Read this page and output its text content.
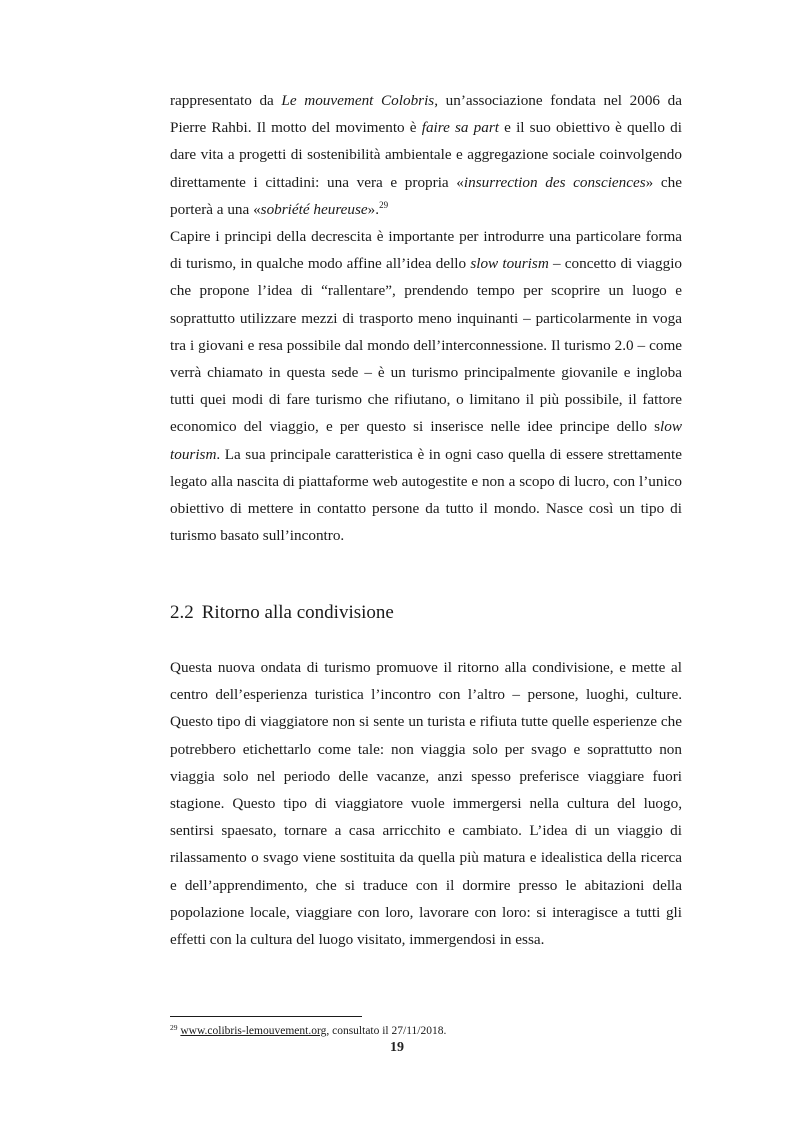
rappresentato da Le mouvement Colobris, un’associazione fondata nel 2006 da Pierre Rahbi. Il motto del movimento è faire sa part e il suo obiettivo è quello di dare vita a progetti di sostenibilità ambientale e aggregazione sociale coinvolgendo direttamente i cittadini: una vera e propria «insurrection des consciences» che porterà a una «sobriété heureuse».$^{29}$

Capire i principi della decrescita è importante per introdurre una particolare forma di turismo, in qualche modo affine all’idea dello slow tourism – concetto di viaggio che propone l’idea di “rallentare”, prendendo tempo per scoprire un luogo e soprattutto utilizzare mezzi di trasporto meno inquinanti – particolarmente in voga tra i giovani e resa possibile dal mondo dell’interconnessione. Il turismo 2.0 – come verrà chiamato in questa sede – è un turismo principalmente giovanile e ingloba tutti quei modi di fare turismo che rifiutano, o limitano il più possibile, il fattore economico del viaggio, e per questo si inserisce nelle idee principe dello slow tourism. La sua principale caratteristica è in ogni caso quella di essere strettamente legato alla nascita di piattaforme web autogestite e non a scopo di lucro, con l’unico obiettivo di mettere in contatto persone da tutto il mondo. Nasce così un tipo di turismo basato sull’incontro.

2.2 Ritorno alla condivisione

Questa nuova ondata di turismo promuove il ritorno alla condivisione, e mette al centro dell’esperienza turistica l’incontro con l’altro – persone, luoghi, culture. Questo tipo di viaggiatore non si sente un turista e rifiuta tutte quelle esperienze che potrebbero etichettarlo come tale: non viaggia solo per svago e soprattutto non viaggia solo nel periodo delle vacanze, anzi spesso preferisce viaggiare fuori stagione. Questo tipo di viaggiatore vuole immergersi nella cultura del luogo, sentirsi spaesato, tornare a casa arricchito e cambiato. L’idea di un viaggio di rilassamento o svago viene sostituita da quella più matura e idealistica della ricerca e dell’apprendimento, che si traduce con il dormire presso le abitazioni della popolazione locale, viaggiare con loro, lavorare con loro: si interagisce a tutti gli effetti con la cultura del luogo visitato, immergendosi in essa.

$^{29}$ www.colibris-lemouvement.org, consultato il 27/11/2018.
19
